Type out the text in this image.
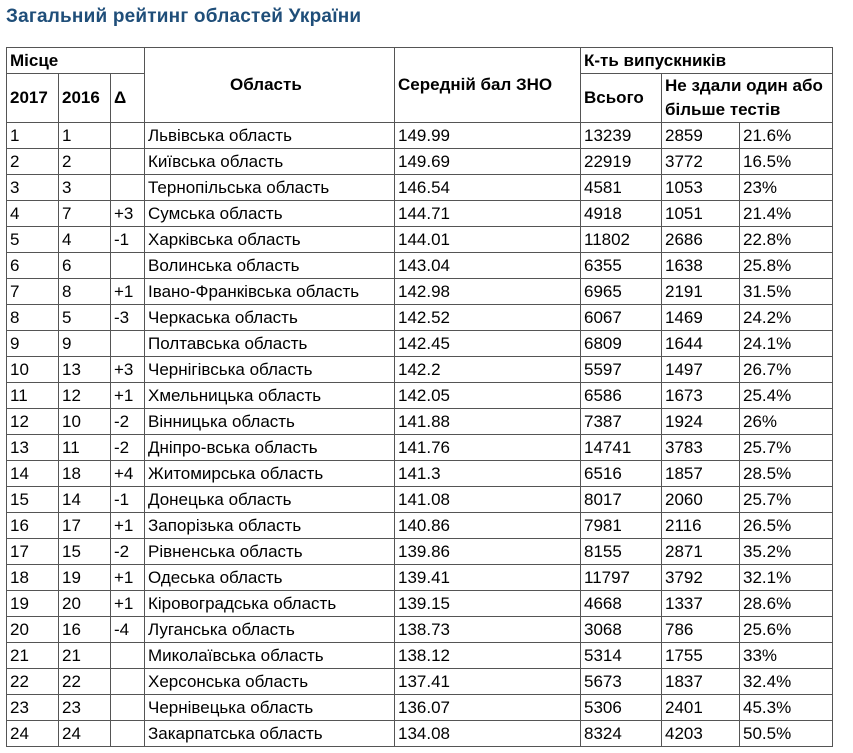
Загальний рейтинг областей України
Місце			Область	Середній бал ЗНО	К-ть випускників		
2017	2016	Δ			Всього	Не здали один або більше тестів	
1	1		Львівська область	149.99	13239	2859	21.6%
2	2		Київська область	149.69	22919	3772	16.5%
3	3		Тернопільська область	146.54	4581	1053	23%
4	7	+3	Сумська область	144.71	4918	1051	21.4%
5	4	-1	Харківська область	144.01	11802	2686	22.8%
6	6		Волинська область	143.04	6355	1638	25.8%
7	8	+1	Івано-Франківська область	142.98	6965	2191	31.5%
8	5	-3	Черкаська область	142.52	6067	1469	24.2%
9	9		Полтавська область	142.45	6809	1644	24.1%
10	13	+3	Чернігівська область	142.2	5597	1497	26.7%
11	12	+1	Хмельницька область	142.05	6586	1673	25.4%
12	10	-2	Вінницька область	141.88	7387	1924	26%
13	11	-2	Дніпро-вська область	141.76	14741	3783	25.7%
14	18	+4	Житомирська область	141.3	6516	1857	28.5%
15	14	-1	Донецька область	141.08	8017	2060	25.7%
16	17	+1	Запорізька область	140.86	7981	2116	26.5%
17	15	-2	Рівненська область	139.86	8155	2871	35.2%
18	19	+1	Одеська область	139.41	11797	3792	32.1%
19	20	+1	Кіровоградська область	139.15	4668	1337	28.6%
20	16	-4	Луганська область	138.73	3068	786	25.6%
21	21		Миколаївська область	138.12	5314	1755	33%
22	22		Херсонська область	137.41	5673	1837	32.4%
23	23		Чернівецька область	136.07	5306	2401	45.3%
24	24		Закарпатська область	134.08	8324	4203	50.5%
